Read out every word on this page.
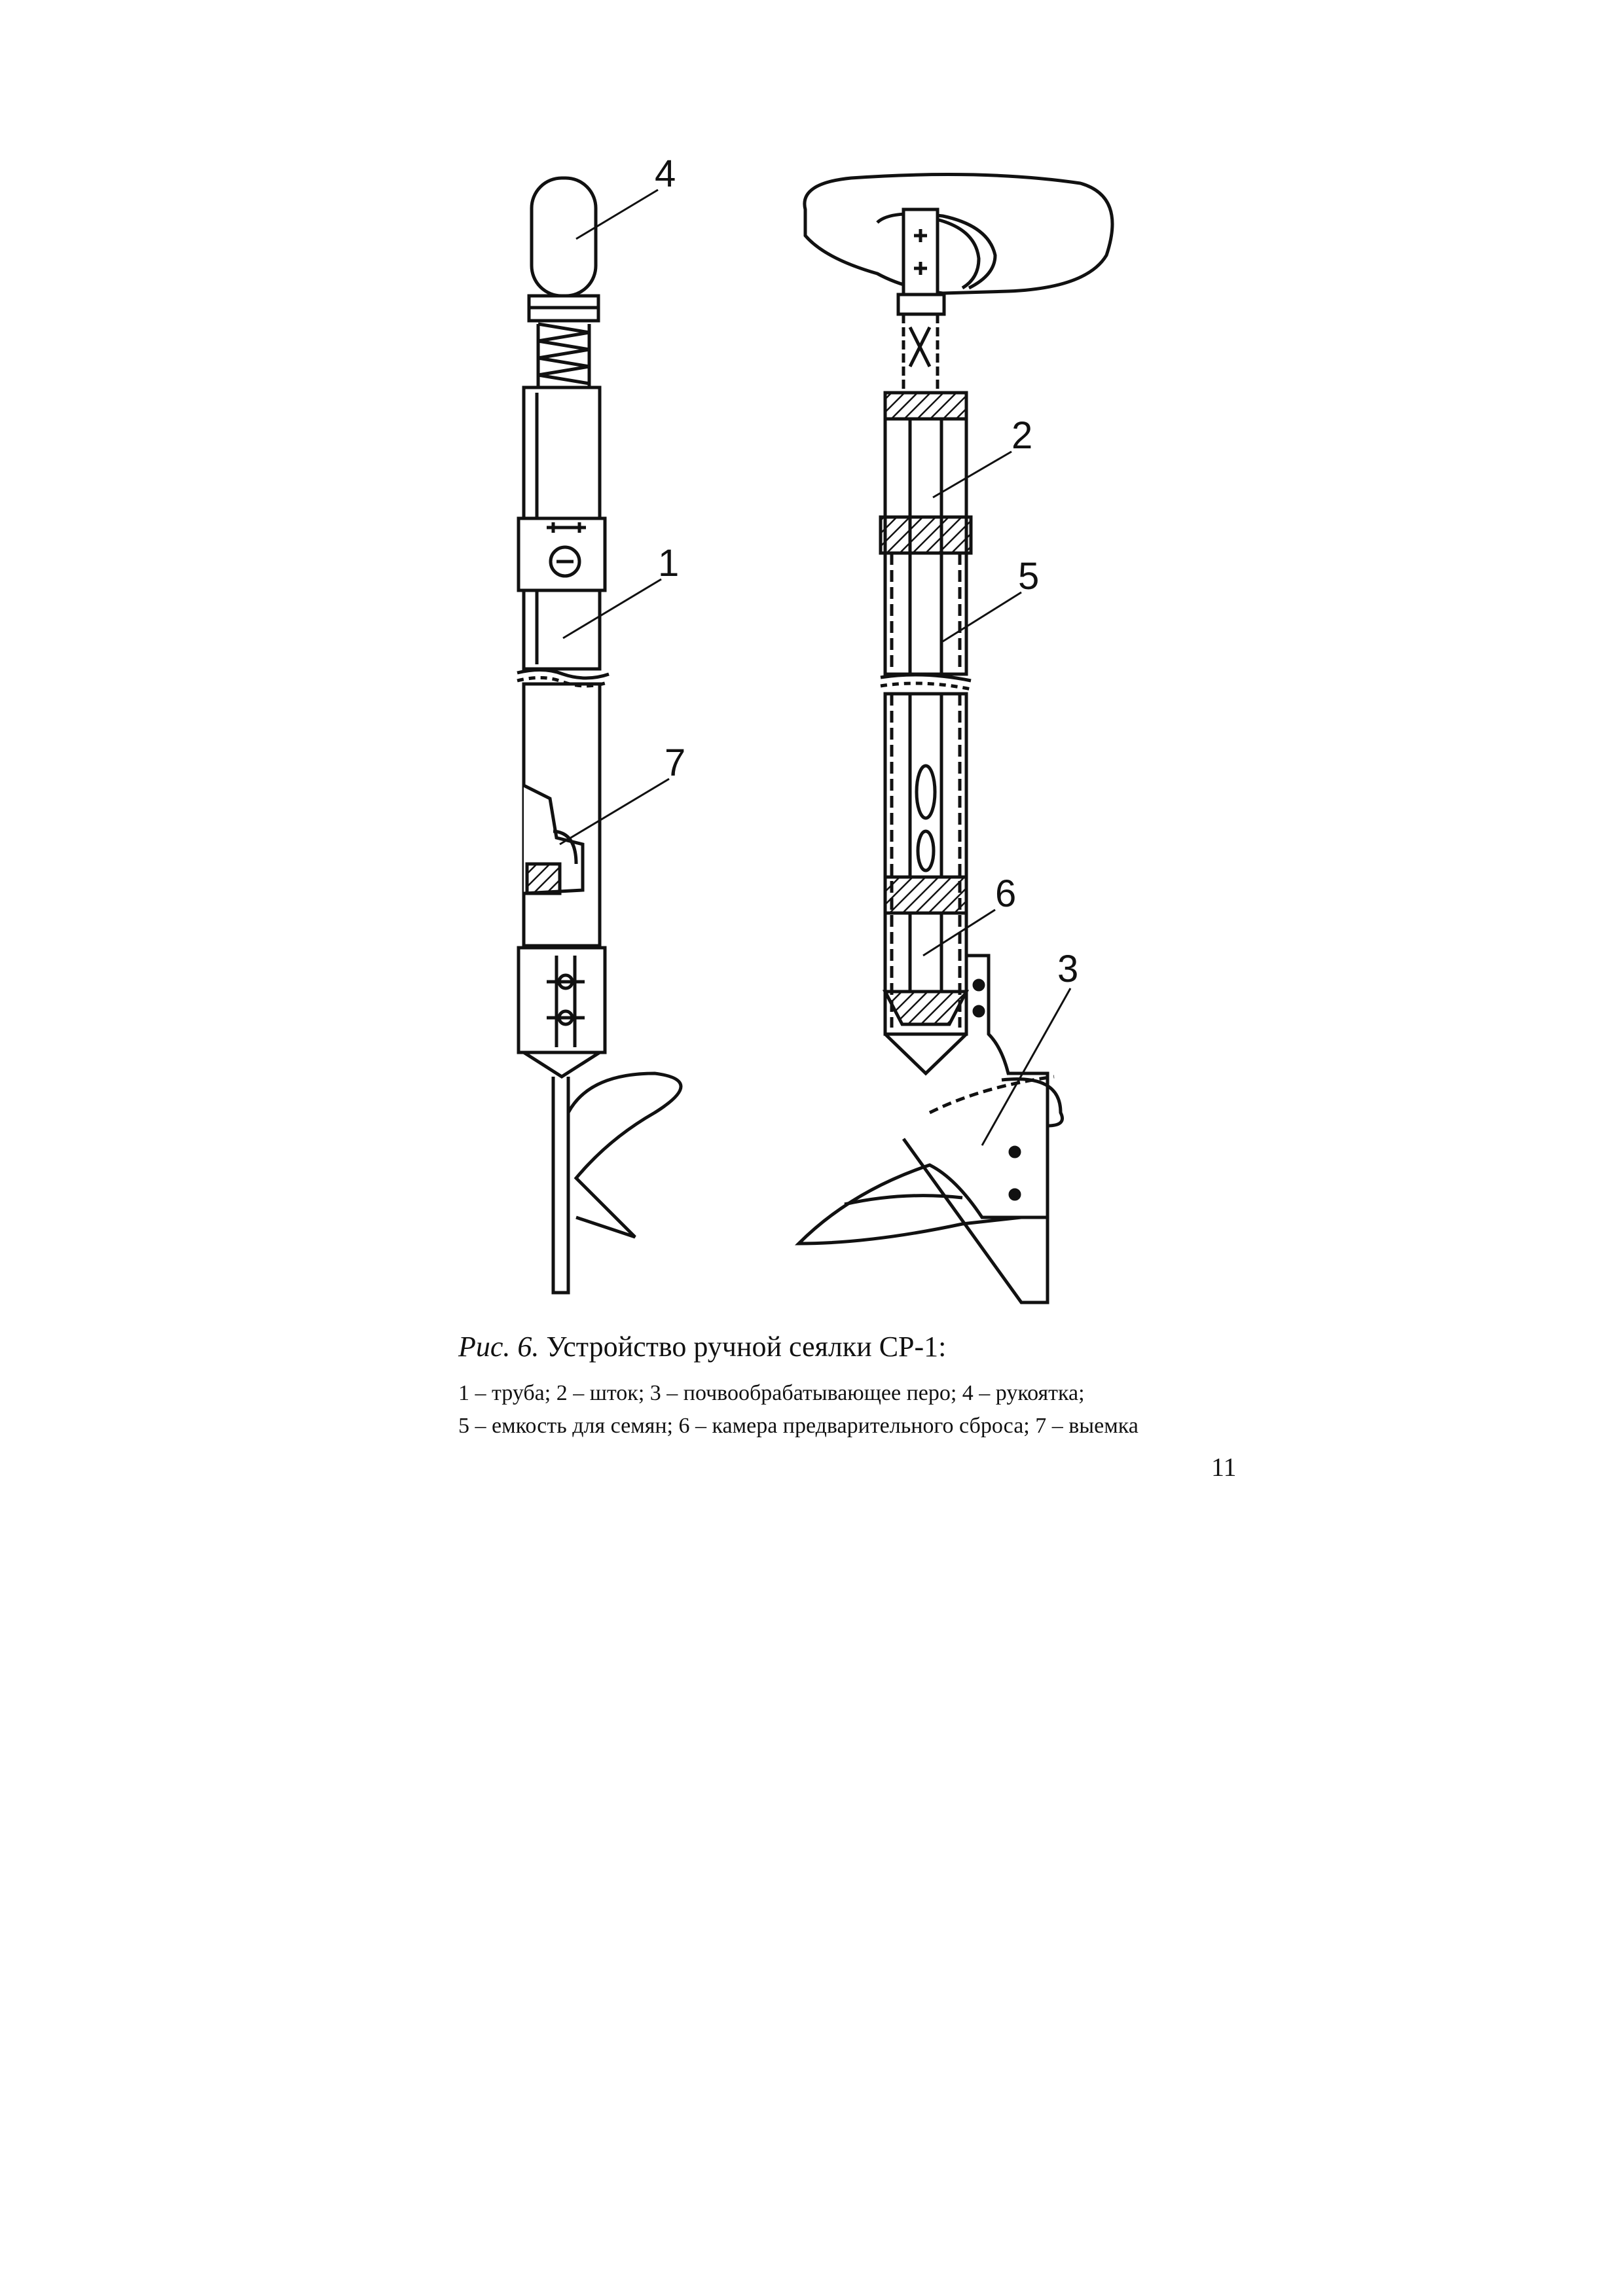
4
1
7
2
5
6
3
Рис. 6. Устройство ручной сеялки СР-1:
1 – труба; 2 – шток; 3 – почвообрабатывающее перо; 4 – рукоятка;
5 – емкость для семян; 6 – камера предварительного сброса; 7 – выемка
11
